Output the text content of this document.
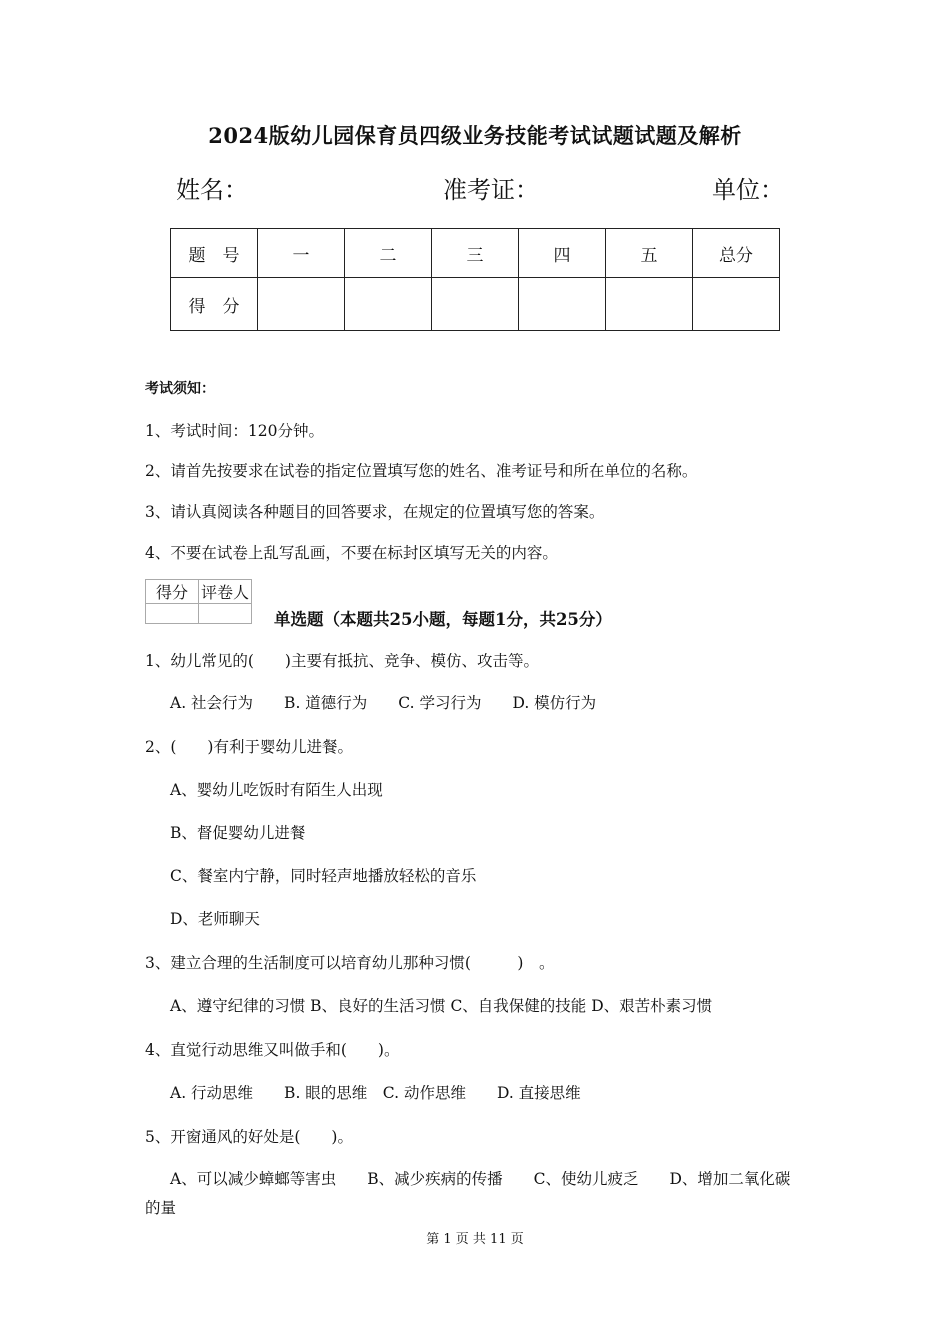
2024版幼儿园保育员四级业务技能考试试题试题及解析
姓名：	准考证：	单位：
题　号	一	二	三	四	五	总分
得　分						
考试须知：
1、考试时间：120分钟。
2、请首先按要求在试卷的指定位置填写您的姓名、准考证号和所在单位的名称。
3、请认真阅读各种题目的回答要求，在规定的位置填写您的答案。
4、不要在试卷上乱写乱画，不要在标封区填写无关的内容。
得分	评卷人

单选题（本题共25小题，每题1分，共25分）
1、幼儿常见的(　　)主要有抵抗、竞争、模仿、攻击等。
A. 社会行为　　B. 道德行为　　C. 学习行为　　D. 模仿行为
2、(　　)有利于婴幼儿进餐。
A、婴幼儿吃饭时有陌生人出现
B、督促婴幼儿进餐
C、餐室内宁静，同时轻声地播放轻松的音乐
D、老师聊天
3、建立合理的生活制度可以培育幼儿那种习惯(　　　)　。
A、遵守纪律的习惯 B、良好的生活习惯 C、自我保健的技能 D、艰苦朴素习惯
4、直觉行动思维又叫做手和(　　)。
A. 行动思维　　B. 眼的思维　C. 动作思维　　D. 直接思维
5、开窗通风的好处是(　　)。
A、可以减少蟑螂等害虫　　B、减少疾病的传播　　C、使幼儿疲乏　　D、增加二氧化碳
的量
第 1 页 共 11 页
